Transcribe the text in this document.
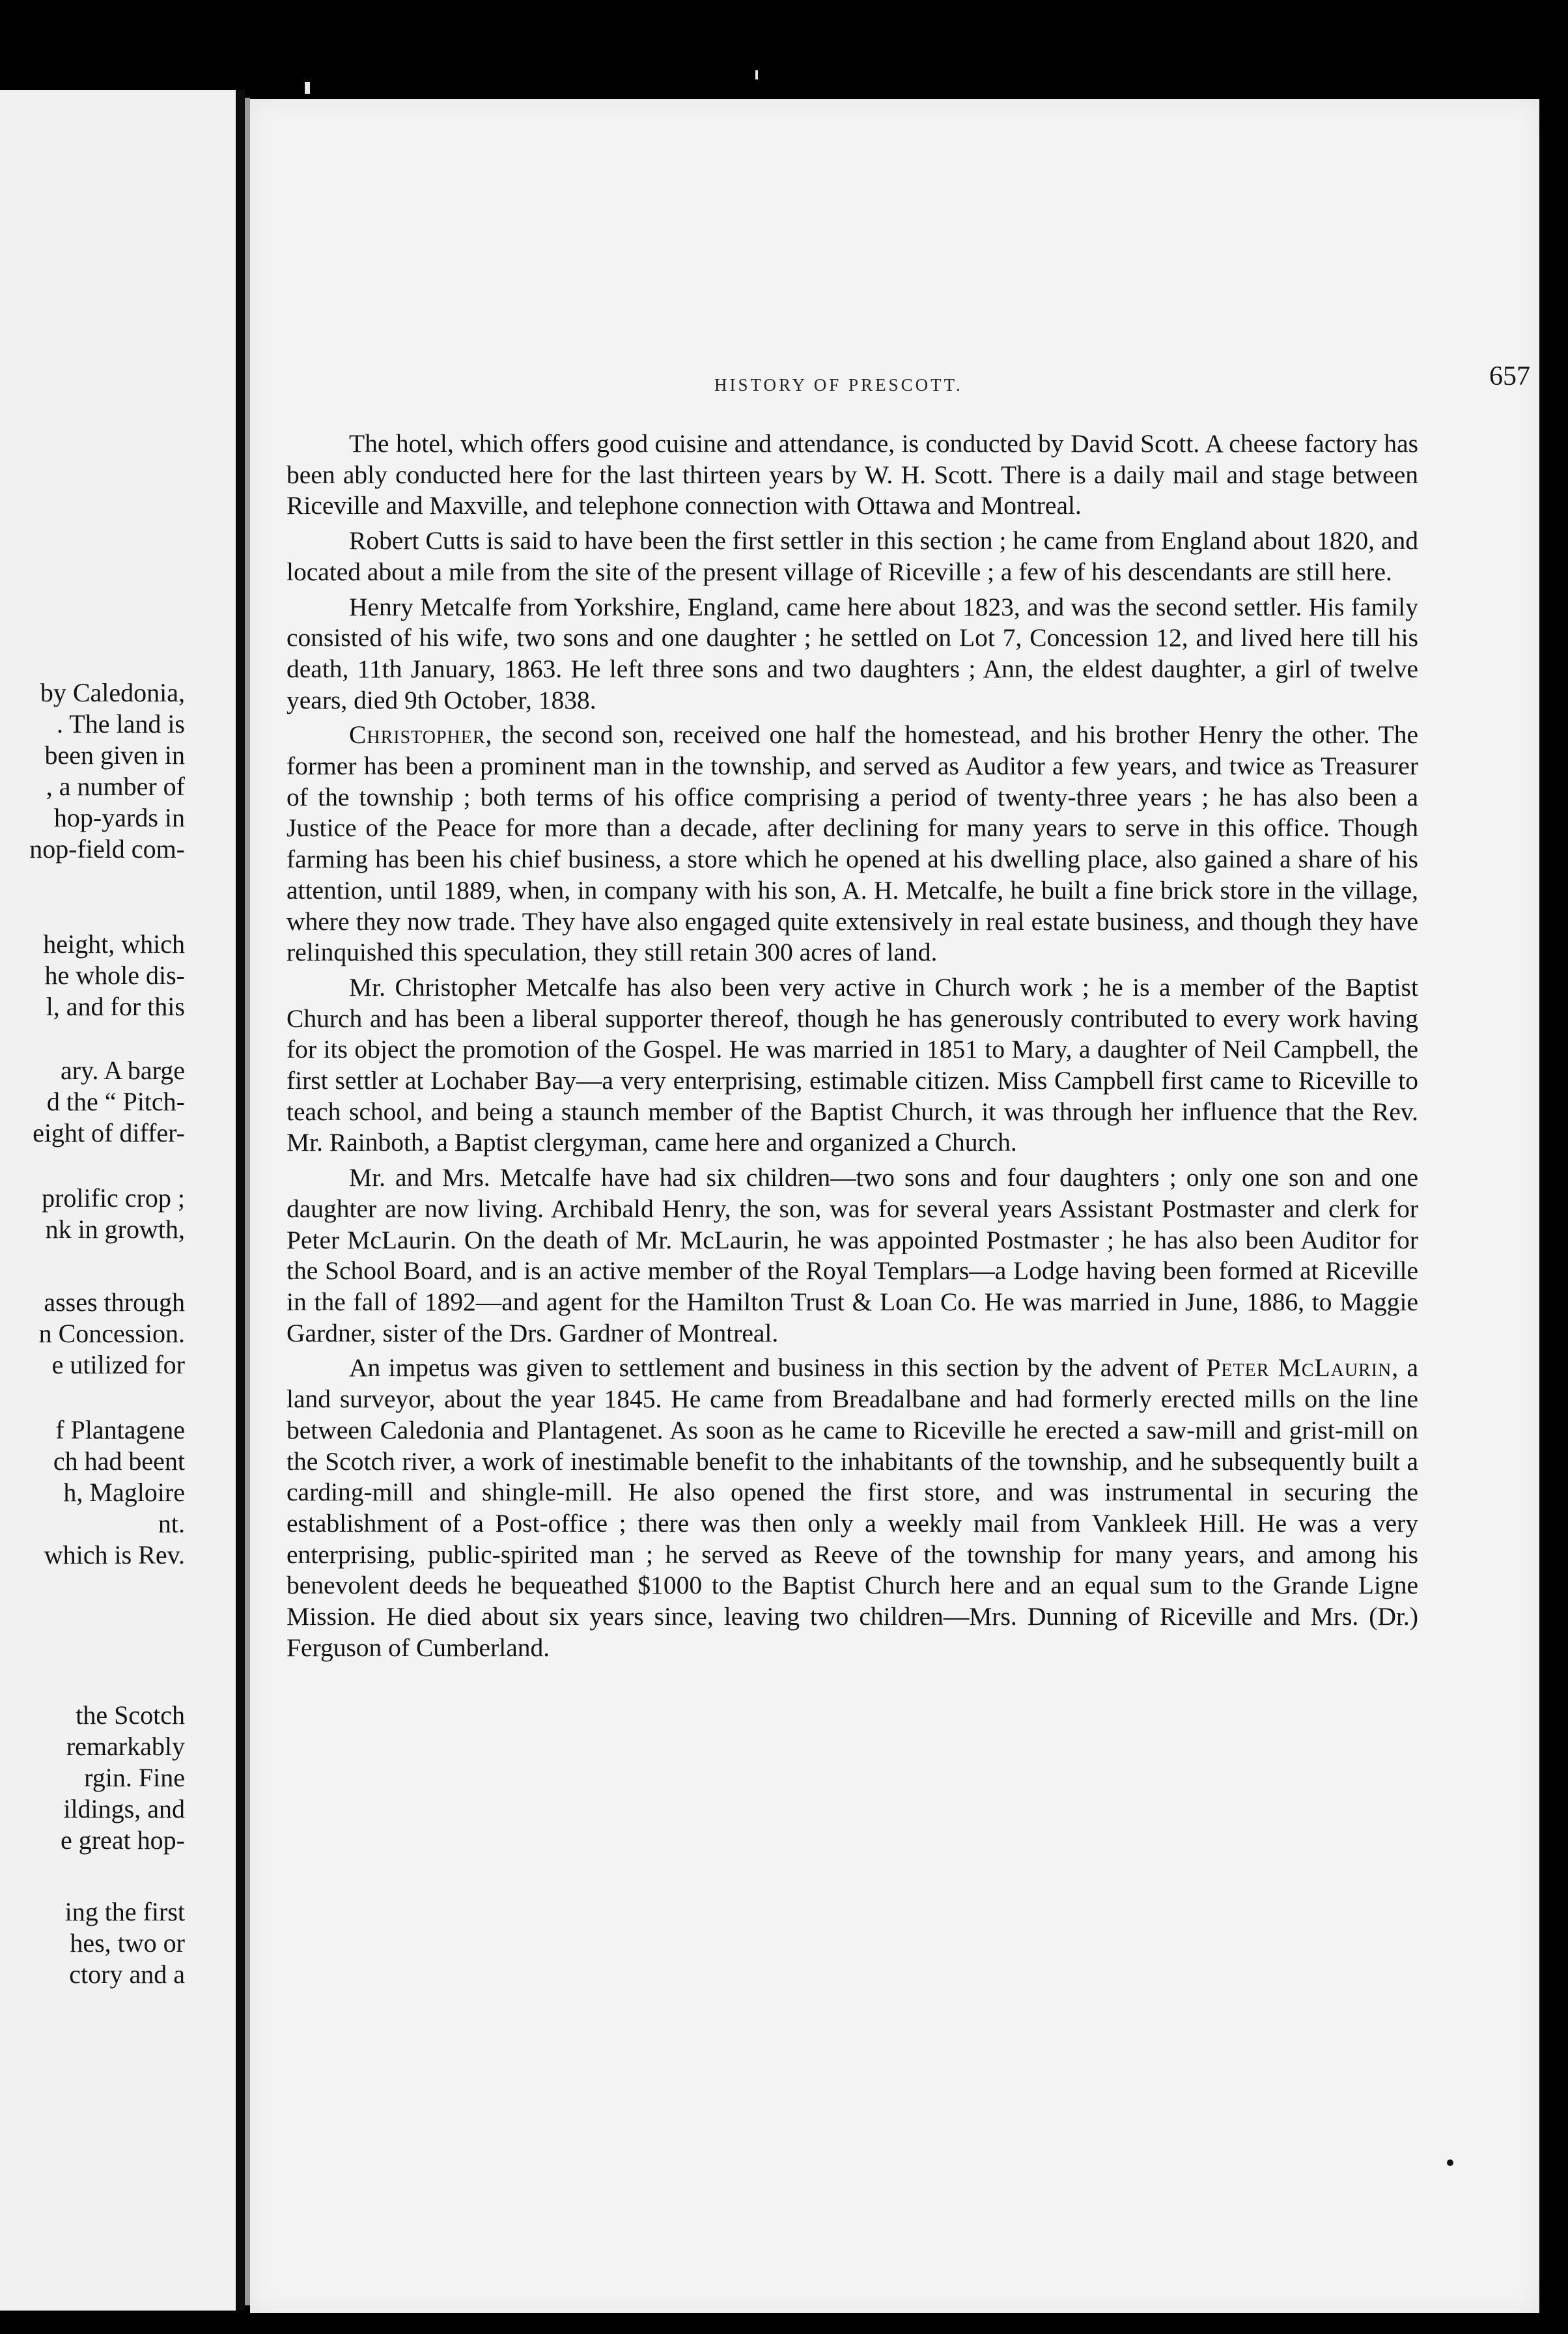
by Caledonia,
. The land is
been given in
, a number of
hop-yards in
nop-field com-
height, which
he whole dis-
l, and for this
ary. A barge
d the “ Pitch-
eight of differ-
prolific crop ;
nk in growth,
asses through
n Concession.
e utilized for
f Plantagene
ch had beent
h, Magloire
nt.
which is Rev.
the Scotch
remarkably
rgin. Fine
ildings, and
e great hop-
ing the first
hes, two or
ctory and a
HISTORY OF PRESCOTT.	657

The hotel, which offers good cuisine and attendance, is conducted by David Scott. A cheese factory has been ably conducted here for the last thirteen years by W. H. Scott. There is a daily mail and stage between Riceville and Maxville, and telephone connection with Ottawa and Montreal.

Robert Cutts is said to have been the first settler in this section ; he came from England about 1820, and located about a mile from the site of the present village of Riceville ; a few of his descendants are still here.

Henry Metcalfe from Yorkshire, England, came here about 1823, and was the second settler. His family consisted of his wife, two sons and one daughter ; he settled on Lot 7, Concession 12, and lived here till his death, 11th January, 1863. He left three sons and two daughters ; Ann, the eldest daughter, a girl of twelve years, died 9th October, 1838.

Christopher, the second son, received one half the homestead, and his brother Henry the other. The former has been a prominent man in the township, and served as Auditor a few years, and twice as Treasurer of the township ; both terms of his office comprising a period of twenty-three years ; he has also been a Justice of the Peace for more than a decade, after declining for many years to serve in this office. Though farming has been his chief business, a store which he opened at his dwelling place, also gained a share of his attention, until 1889, when, in company with his son, A. H. Metcalfe, he built a fine brick store in the village, where they now trade. They have also engaged quite extensively in real estate business, and though they have relinquished this speculation, they still retain 300 acres of land.

Mr. Christopher Metcalfe has also been very active in Church work ; he is a member of the Baptist Church and has been a liberal supporter thereof, though he has generously contributed to every work having for its object the promotion of the Gospel. He was married in 1851 to Mary, a daughter of Neil Campbell, the first settler at Lochaber Bay—a very enterprising, estimable citizen. Miss Campbell first came to Riceville to teach school, and being a staunch member of the Baptist Church, it was through her influence that the Rev. Mr. Rainboth, a Baptist clergyman, came here and organized a Church.

Mr. and Mrs. Metcalfe have had six children—two sons and four daughters ; only one son and one daughter are now living. Archibald Henry, the son, was for several years Assistant Postmaster and clerk for Peter McLaurin. On the death of Mr. McLaurin, he was appointed Postmaster ; he has also been Auditor for the School Board, and is an active member of the Royal Templars—a Lodge having been formed at Riceville in the fall of 1892—and agent for the Hamilton Trust & Loan Co. He was married in June, 1886, to Maggie Gardner, sister of the Drs. Gardner of Montreal.

An impetus was given to settlement and business in this section by the advent of Peter McLaurin, a land surveyor, about the year 1845. He came from Breadalbane and had formerly erected mills on the line between Caledonia and Plantagenet. As soon as he came to Riceville he erected a saw-mill and grist-mill on the Scotch river, a work of inestimable benefit to the inhabitants of the township, and he subsequently built a carding-mill and shingle-mill. He also opened the first store, and was instrumental in securing the establishment of a Post-office ; there was then only a weekly mail from Vankleek Hill. He was a very enterprising, public-spirited man ; he served as Reeve of the township for many years, and among his benevolent deeds he bequeathed $1000 to the Baptist Church here and an equal sum to the Grande Ligne Mission. He died about six years since, leaving two children—Mrs. Dunning of Riceville and Mrs. (Dr.) Ferguson of Cumberland.
